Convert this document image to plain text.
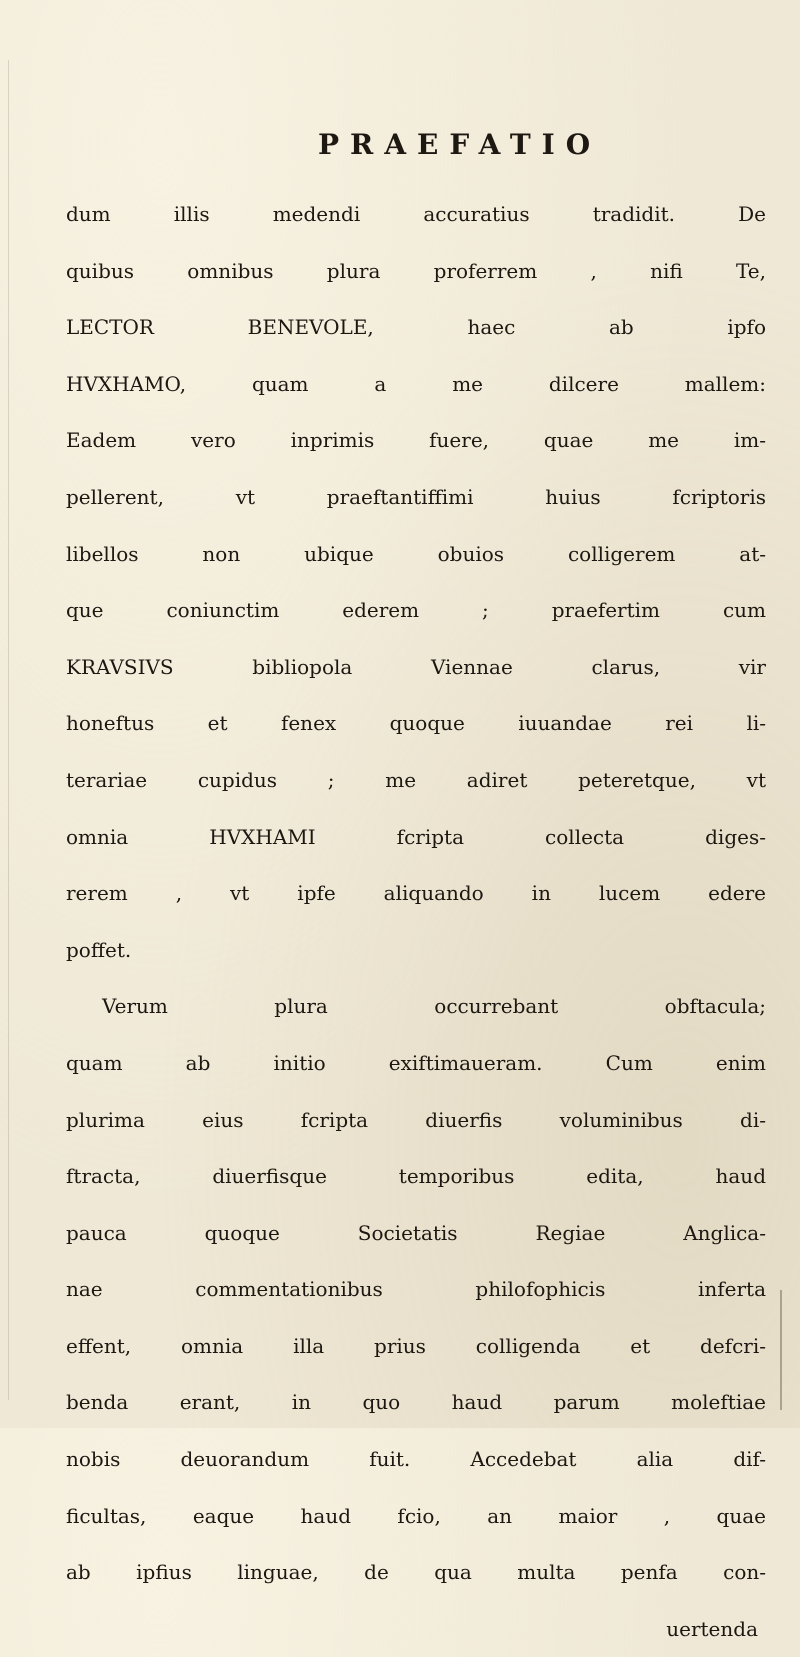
PRAEFATIO
dum illis medendi accuratius tradidit. De
quibus omnibus plura proferrem , nifi Te,
LECTOR BENEVOLE, haec ab ipfo
HVXHAMO, quam a me dilcere mallem:
Eadem vero inprimis fuere, quae me im-
pellerent, vt praeftantiffimi huius fcriptoris
libellos non ubique obuios colligerem at-
que coniunctim ederem ; praefertim cum
KRAVSIVS bibliopola Viennae clarus, vir
honeftus et fenex quoque iuuandae rei li-
terariae cupidus ; me adiret peteretque, vt
omnia HVXHAMI fcripta collecta diges-
rerem , vt ipfe aliquando in lucem edere
poffet.
Verum plura occurrebant obftacula;
quam ab initio exiftimaueram. Cum enim
plurima eius fcripta diuerfis voluminibus di-
ftracta, diuerfisque temporibus edita, haud
pauca quoque Societatis Regiae Anglica-
nae commentationibus philofophicis inferta
effent, omnia illa prius colligenda et defcri-
benda erant, in quo haud parum moleftiae
nobis deuorandum fuit. Accedebat alia dif-
ficultas, eaque haud fcio, an maior , quae
ab ipfius linguae, de qua multa penfa con-
uertenda
